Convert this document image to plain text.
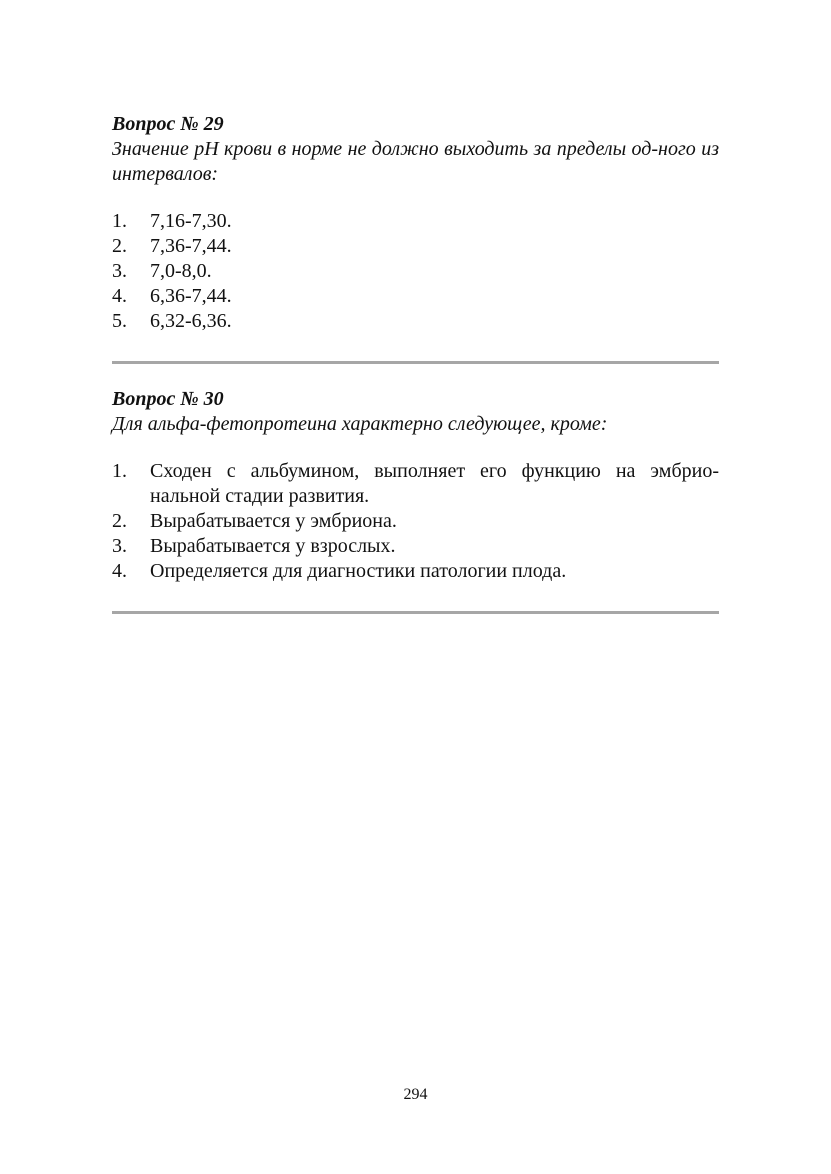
Вопрос № 29

Значение pH крови в норме не должно выходить за пределы од-ного из интервалов:

1.	7,16-7,30.
2.	7,36-7,44.
3.	7,0-8,0.
4.	6,36-7,44.
5.	6,32-6,36.

Вопрос № 30

Для альфа-фетопротеина характерно следующее, кроме:

1.	Сходен с альбумином, выполняет его функцию на эмбрио-нальной стадии развития.
2.	Вырабатывается у эмбриона.
3.	Вырабатывается у взрослых.
4.	Определяется для диагностики патологии плода.
294
